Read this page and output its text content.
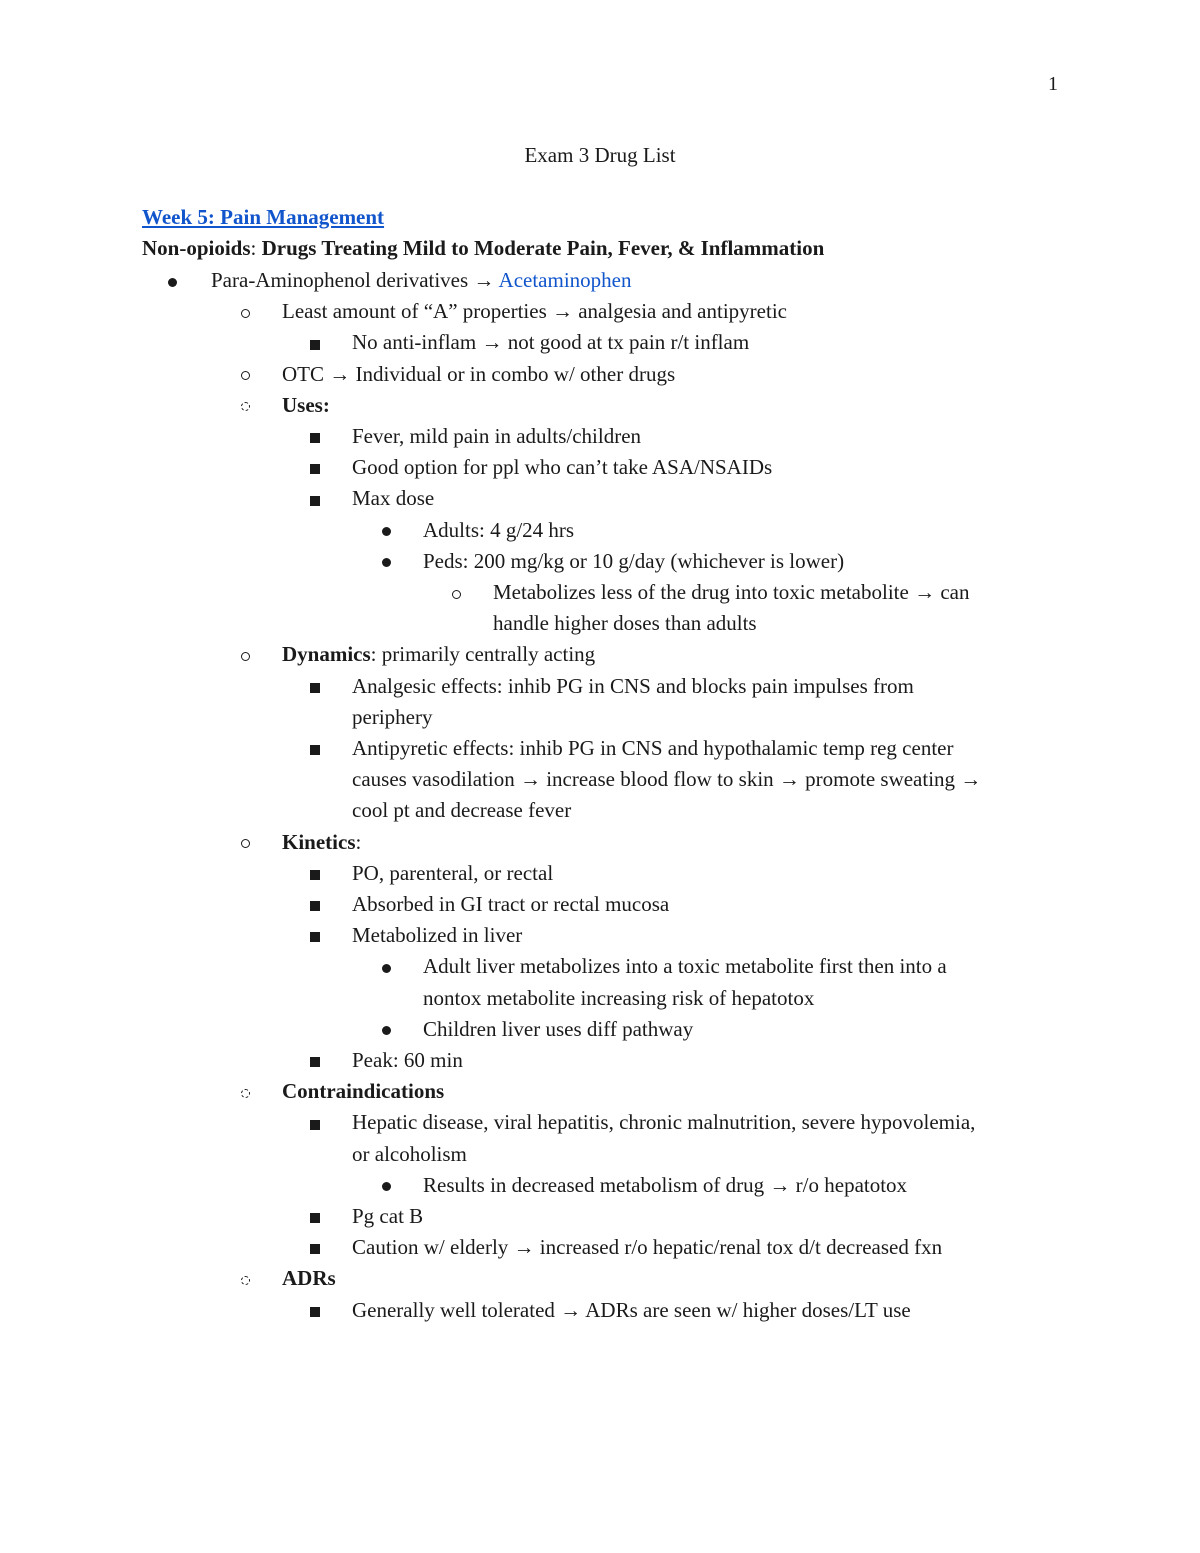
1
Exam 3 Drug List
Week 5: Pain Management
Non-opioids: Drugs Treating Mild to Moderate Pain, Fever, & Inflammation
Para-Aminophenol derivatives → Acetaminophen
Least amount of “A” properties → analgesia and antipyretic
No anti-inflam → not good at tx pain r/t inflam
OTC → Individual or in combo w/ other drugs
Uses:
Fever, mild pain in adults/children
Good option for ppl who can’t take ASA/NSAIDs
Max dose
Adults: 4 g/24 hrs
Peds: 200 mg/kg or 10 g/day (whichever is lower)
Metabolizes less of the drug into toxic metabolite → can
handle higher doses than adults
Dynamics: primarily centrally acting
Analgesic effects: inhib PG in CNS and blocks pain impulses from
periphery
Antipyretic effects: inhib PG in CNS and hypothalamic temp reg center
causes vasodilation → increase blood flow to skin → promote sweating →
cool pt and decrease fever
Kinetics:
PO, parenteral, or rectal
Absorbed in GI tract or rectal mucosa
Metabolized in liver
Adult liver metabolizes into a toxic metabolite first then into a
nontox metabolite increasing risk of hepatotox
Children liver uses diff pathway
Peak: 60 min
Contraindications
Hepatic disease, viral hepatitis, chronic malnutrition, severe hypovolemia,
or alcoholism
Results in decreased metabolism of drug → r/o hepatotox
Pg cat B
Caution w/ elderly → increased r/o hepatic/renal tox d/t decreased fxn
ADRs
Generally well tolerated → ADRs are seen w/ higher doses/LT use
